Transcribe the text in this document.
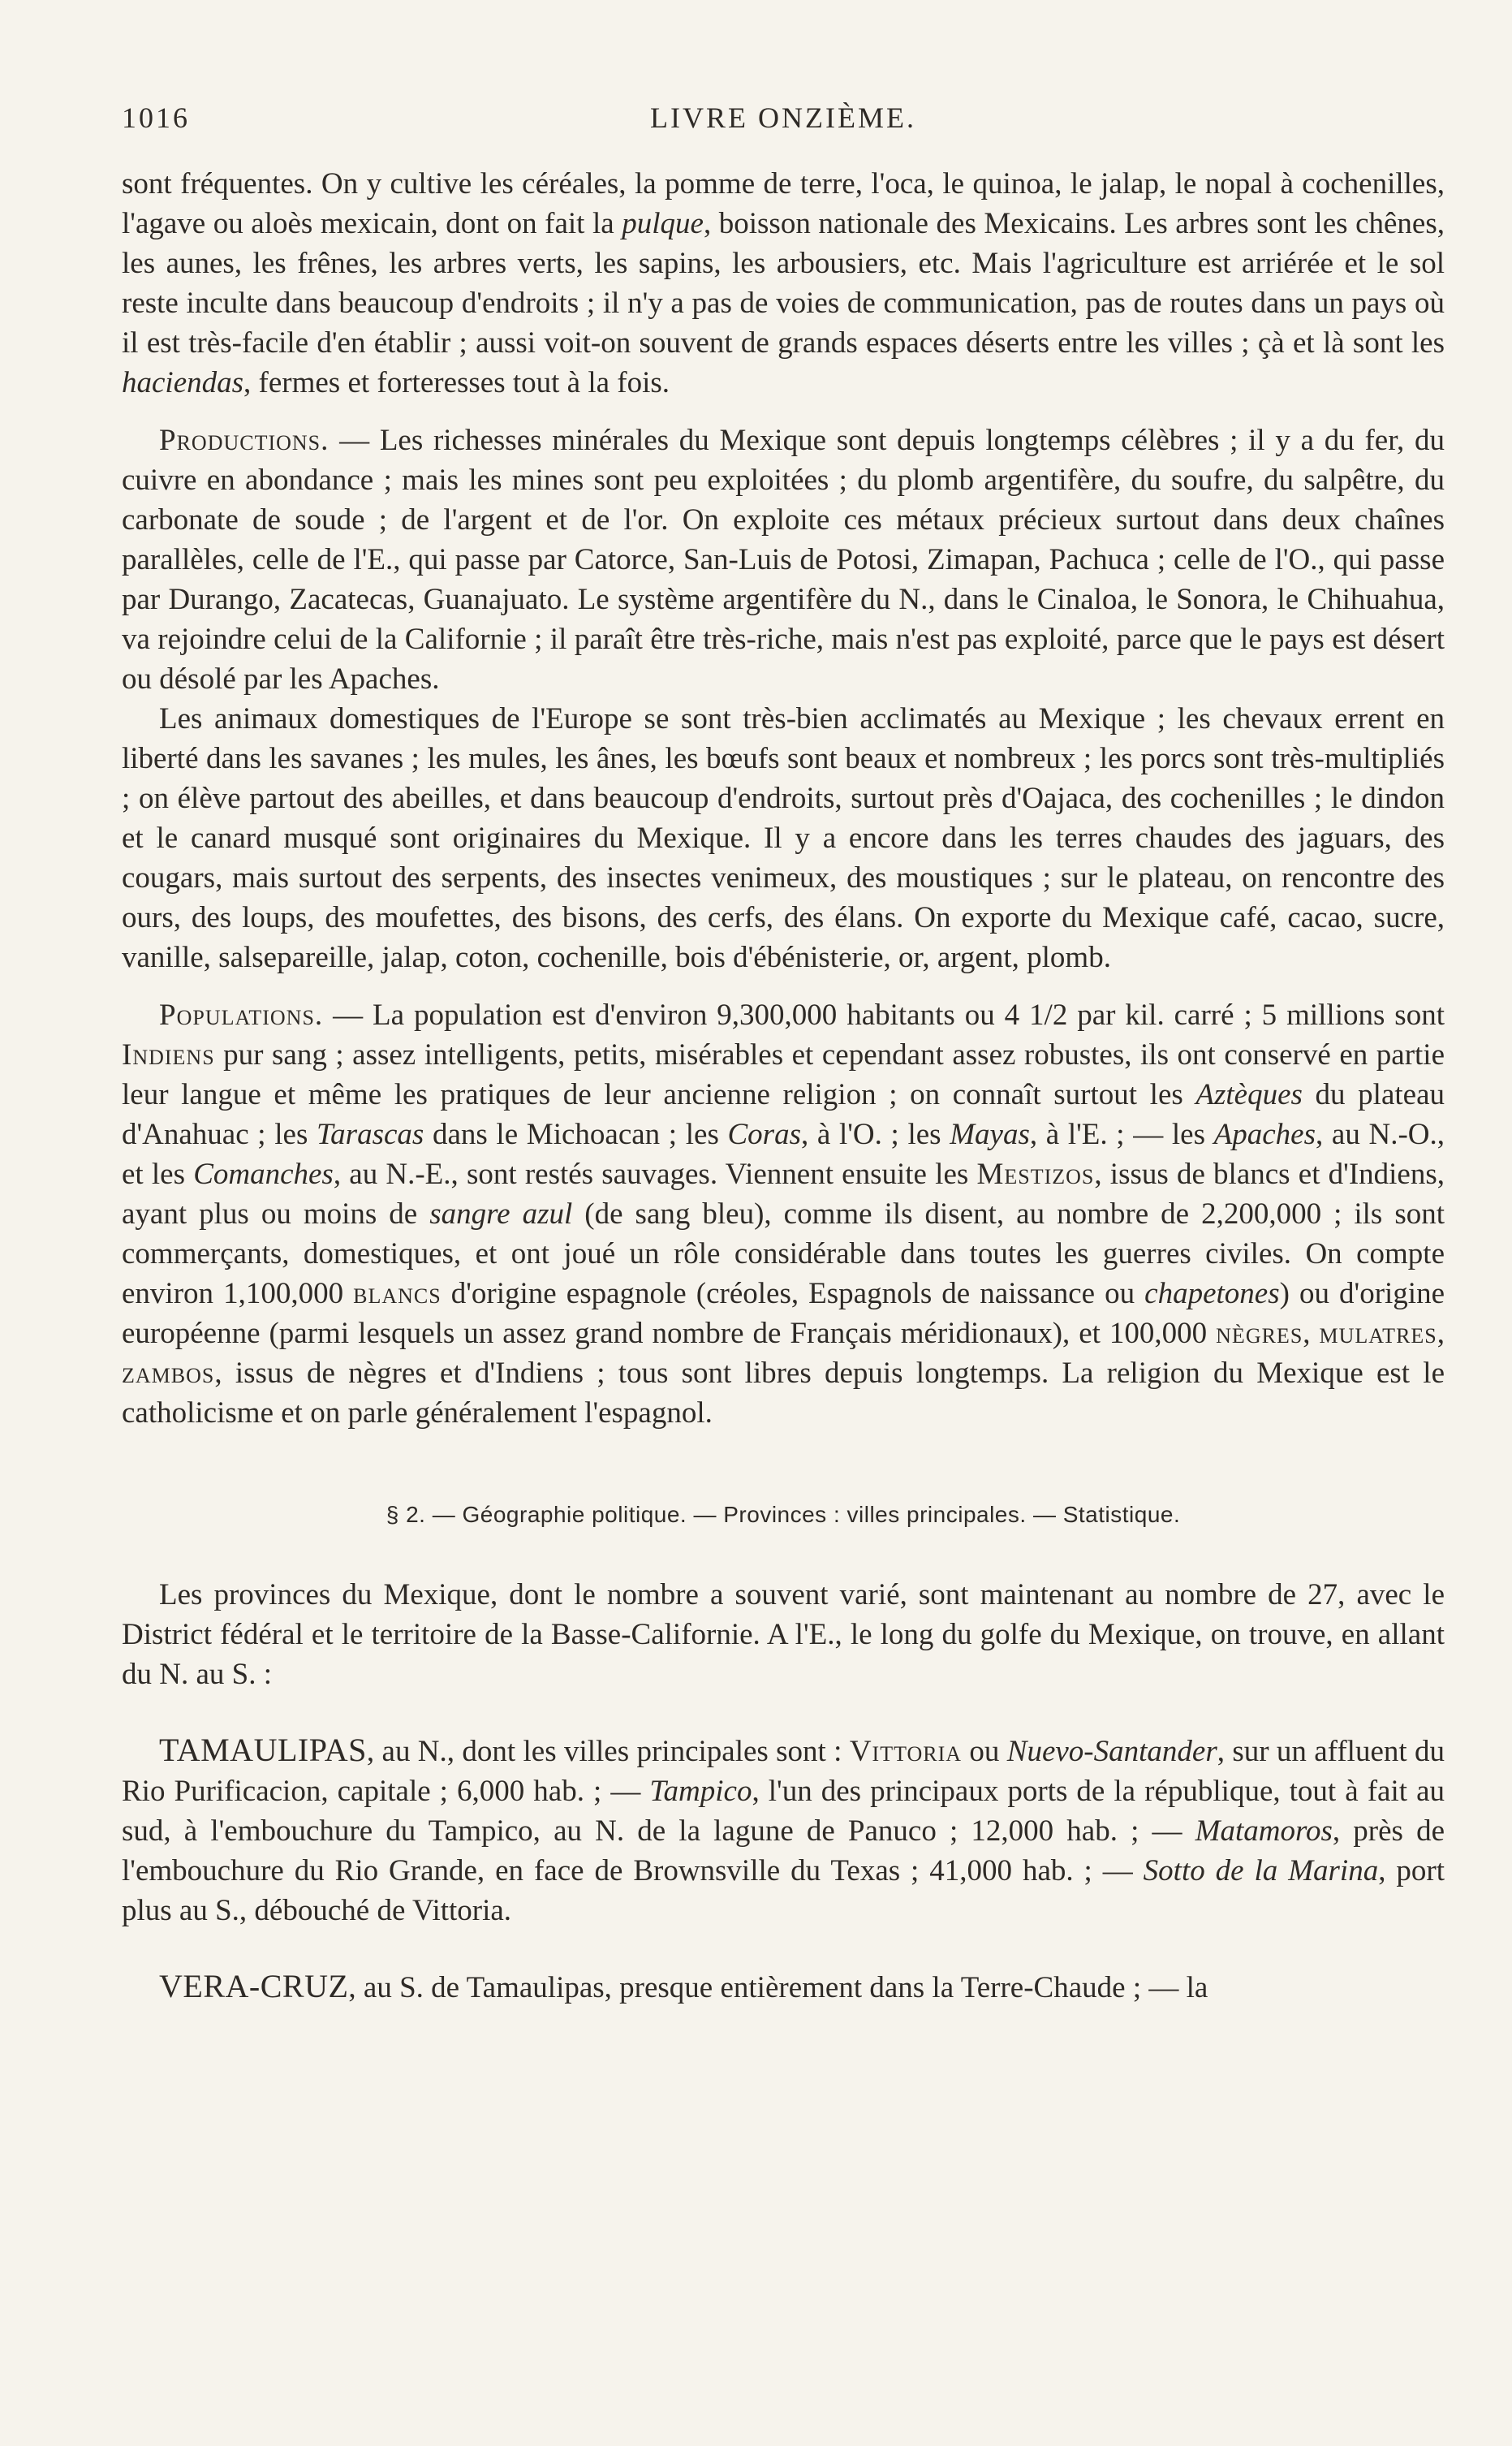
1016	LIVRE ONZIÈME.

sont fréquentes. On y cultive les céréales, la pomme de terre, l'oca, le quinoa, le jalap, le nopal à cochenilles, l'agave ou aloès mexicain, dont on fait la pulque, boisson nationale des Mexicains. Les arbres sont les chênes, les aunes, les frênes, les arbres verts, les sapins, les arbousiers, etc. Mais l'agriculture est arriérée et le sol reste inculte dans beaucoup d'endroits ; il n'y a pas de voies de communication, pas de routes dans un pays où il est très-facile d'en établir ; aussi voit-on souvent de grands espaces déserts entre les villes ; çà et là sont les haciendas, fermes et forteresses tout à la fois.

Productions. — Les richesses minérales du Mexique sont depuis longtemps célèbres ; il y a du fer, du cuivre en abondance ; mais les mines sont peu exploitées ; du plomb argentifère, du soufre, du salpêtre, du carbonate de soude ; de l'argent et de l'or. On exploite ces métaux précieux surtout dans deux chaînes parallèles, celle de l'E., qui passe par Catorce, San-Luis de Potosi, Zimapan, Pachuca ; celle de l'O., qui passe par Durango, Zacatecas, Guanajuato. Le système argentifère du N., dans le Cinaloa, le Sonora, le Chihuahua, va rejoindre celui de la Californie ; il paraît être très-riche, mais n'est pas exploité, parce que le pays est désert ou désolé par les Apaches.

Les animaux domestiques de l'Europe se sont très-bien acclimatés au Mexique ; les chevaux errent en liberté dans les savanes ; les mules, les ânes, les bœufs sont beaux et nombreux ; les porcs sont très-multipliés ; on élève partout des abeilles, et dans beaucoup d'endroits, surtout près d'Oajaca, des cochenilles ; le dindon et le canard musqué sont originaires du Mexique. Il y a encore dans les terres chaudes des jaguars, des cougars, mais surtout des serpents, des insectes venimeux, des moustiques ; sur le plateau, on rencontre des ours, des loups, des moufettes, des bisons, des cerfs, des élans. On exporte du Mexique café, cacao, sucre, vanille, salsepareille, jalap, coton, cochenille, bois d'ébénisterie, or, argent, plomb.

Populations. — La population est d'environ 9,300,000 habitants ou 4 1/2 par kil. carré ; 5 millions sont Indiens pur sang ; assez intelligents, petits, misérables et cependant assez robustes, ils ont conservé en partie leur langue et même les pratiques de leur ancienne religion ; on connaît surtout les Aztèques du plateau d'Anahuac ; les Tarascas dans le Michoacan ; les Coras, à l'O. ; les Mayas, à l'E. ; — les Apaches, au N.-O., et les Comanches, au N.-E., sont restés sauvages. Viennent ensuite les Mestizos, issus de blancs et d'Indiens, ayant plus ou moins de sangre azul (de sang bleu), comme ils disent, au nombre de 2,200,000 ; ils sont commerçants, domestiques, et ont joué un rôle considérable dans toutes les guerres civiles. On compte environ 1,100,000 blancs d'origine espagnole (créoles, Espagnols de naissance ou chapetones) ou d'origine européenne (parmi lesquels un assez grand nombre de Français méridionaux), et 100,000 nègres, mulatres, zambos, issus de nègres et d'Indiens ; tous sont libres depuis longtemps. La religion du Mexique est le catholicisme et on parle généralement l'espagnol.

§ 2. — Géographie politique. — Provinces : villes principales. — Statistique.

Les provinces du Mexique, dont le nombre a souvent varié, sont maintenant au nombre de 27, avec le District fédéral et le territoire de la Basse-Californie. A l'E., le long du golfe du Mexique, on trouve, en allant du N. au S. :

TAMAULIPAS, au N., dont les villes principales sont : Vittoria ou Nuevo-Santander, sur un affluent du Rio Purificacion, capitale ; 6,000 hab. ; — Tampico, l'un des principaux ports de la république, tout à fait au sud, à l'embouchure du Tampico, au N. de la lagune de Panuco ; 12,000 hab. ; — Matamoros, près de l'embouchure du Rio Grande, en face de Brownsville du Texas ; 41,000 hab. ; — Sotto de la Marina, port plus au S., débouché de Vittoria.

VERA-CRUZ, au S. de Tamaulipas, presque entièrement dans la Terre-Chaude ; — la
